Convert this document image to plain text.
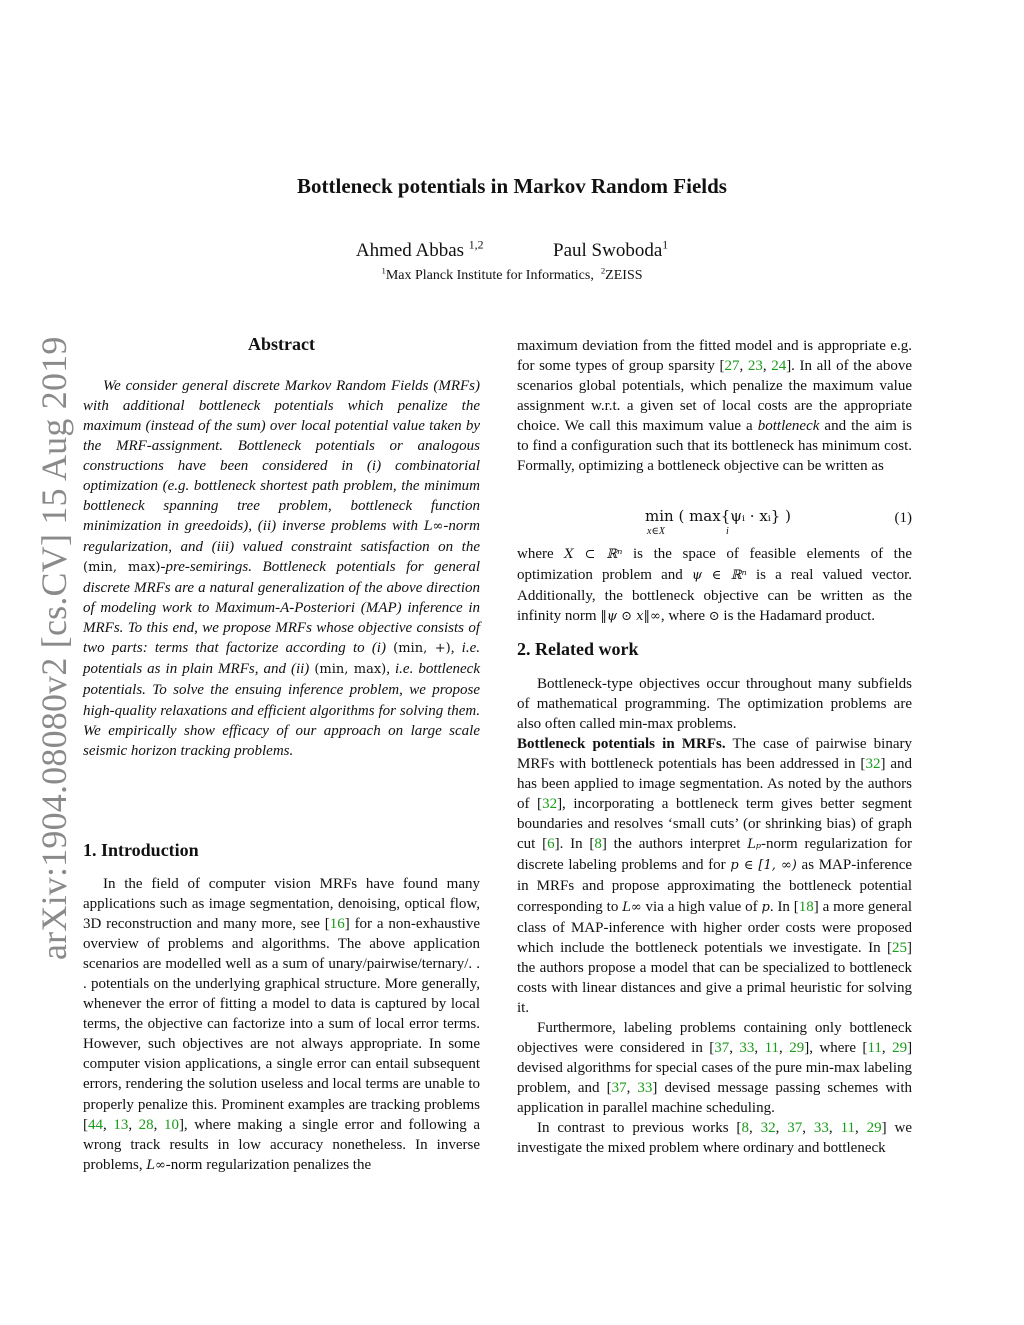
arXiv:1904.08080v2 [cs.CV] 15 Aug 2019
Bottleneck potentials in Markov Random Fields
Ahmed Abbas $^{1,2}$	Paul Swoboda$^1$
$^1$Max Planck Institute for Informatics, $^2$ZEISS
Abstract
We consider general discrete Markov Random Fields (MRFs) with additional bottleneck potentials which penalize the maximum (instead of the sum) over local potential value taken by the MRF-assignment. Bottleneck potentials or analogous constructions have been considered in (i) combinatorial optimization (e.g. bottleneck shortest path problem, the minimum bottleneck spanning tree problem, bottleneck function minimization in greedoids), (ii) inverse problems with L∞-norm regularization, and (iii) valued constraint satisfaction on the (min, max)-pre-semirings. Bottleneck potentials for general discrete MRFs are a natural generalization of the above direction of modeling work to Maximum-A-Posteriori (MAP) inference in MRFs. To this end, we propose MRFs whose objective consists of two parts: terms that factorize according to (i) (min, +), i.e. potentials as in plain MRFs, and (ii) (min, max), i.e. bottleneck potentials. To solve the ensuing inference problem, we propose high-quality relaxations and efficient algorithms for solving them. We empirically show efficacy of our approach on large scale seismic horizon tracking problems.
1. Introduction
In the field of computer vision MRFs have found many applications such as image segmentation, denoising, optical flow, 3D reconstruction and many more, see [16] for a non-exhaustive overview of problems and algorithms. The above application scenarios are modelled well as a sum of unary/pairwise/ternary/. . . potentials on the underlying graphical structure. More generally, whenever the error of fitting a model to data is captured by local terms, the objective can factorize into a sum of local error terms. However, such objectives are not always appropriate. In some computer vision applications, a single error can entail subsequent errors, rendering the solution useless and local terms are unable to properly penalize this. Prominent examples are tracking problems [44, 13, 28, 10], where making a single error and following a wrong track results in low accuracy nonetheless. In inverse problems, L∞-norm regularization penalizes the
maximum deviation from the fitted model and is appropriate e.g. for some types of group sparsity [27, 23, 24]. In all of the above scenarios global potentials, which penalize the maximum value assignment w.r.t. a given set of local costs are the appropriate choice. We call this maximum value a bottleneck and the aim is to find a configuration such that its bottleneck has minimum cost. Formally, optimizing a bottleneck objective can be written as
min ( max{ψᵢ · xᵢ} )
x∈X	i
(1)
where X ⊂ ℝⁿ is the space of feasible elements of the optimization problem and ψ ∈ ℝⁿ is a real valued vector. Additionally, the bottleneck objective can be written as the infinity norm ‖ψ ⊙ x‖∞, where ⊙ is the Hadamard product.
2. Related work

Bottleneck-type objectives occur throughout many subfields of mathematical programming. The optimization problems are also often called min-max problems.

Bottleneck potentials in MRFs. The case of pairwise binary MRFs with bottleneck potentials has been addressed in [32] and has been applied to image segmentation. As noted by the authors of [32], incorporating a bottleneck term gives better segment boundaries and resolves ‘small cuts’ (or shrinking bias) of graph cut [6]. In [8] the authors interpret Lₚ-norm regularization for discrete labeling problems and for p ∈ [1, ∞) as MAP-inference in MRFs and propose approximating the bottleneck potential corresponding to L∞ via a high value of p. In [18] a more general class of MAP-inference with higher order costs were proposed which include the bottleneck potentials we investigate. In [25] the authors propose a model that can be specialized to bottleneck costs with linear distances and give a primal heuristic for solving it.

Furthermore, labeling problems containing only bottleneck objectives were considered in [37, 33, 11, 29], where [11, 29] devised algorithms for special cases of the pure min-max labeling problem, and [37, 33] devised message passing schemes with application in parallel machine scheduling.

In contrast to previous works [8, 32, 37, 33, 11, 29] we investigate the mixed problem where ordinary and bottleneck
